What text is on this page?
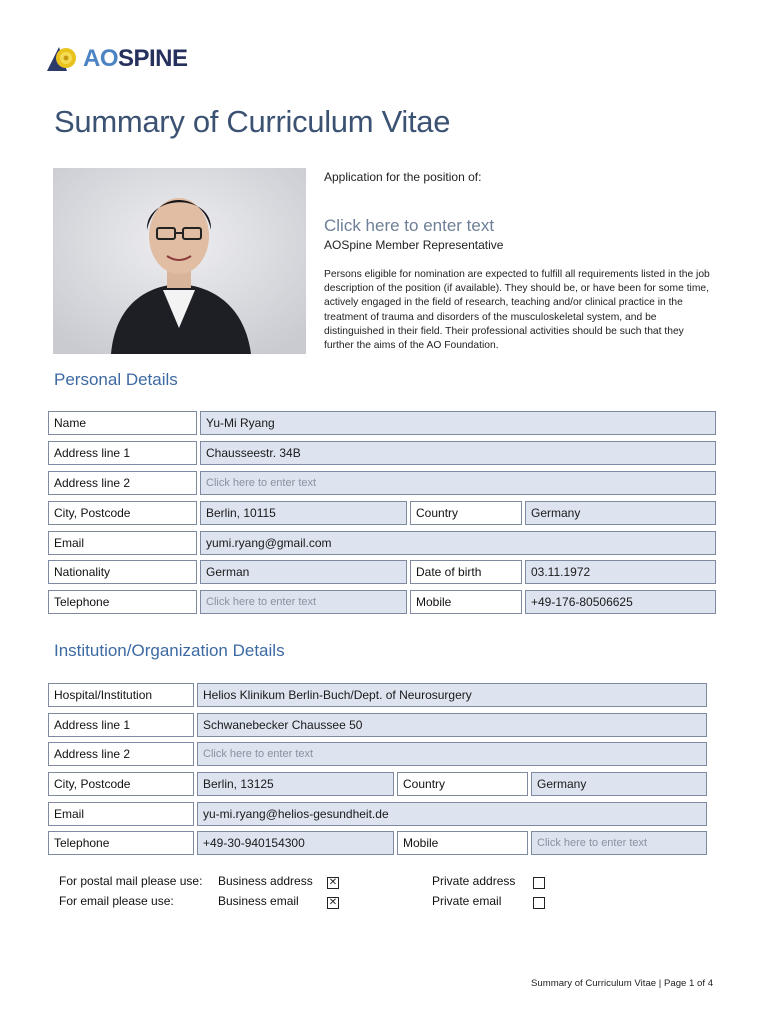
AOSPINE
Summary of Curriculum Vitae
Application for the position of:
Click here to enter text
AOSpine Member Representative
Persons eligible for nomination are expected to fulfill all requirements listed in the job description of the position (if available). They should be, or have been for some time, actively engaged in the field of research, teaching and/or clinical practice in the treatment of trauma and disorders of the musculoskeletal system, and be distinguished in their field. Their professional activities should be such that they further the aims of the AO Foundation.
Personal Details
Name	Yu-Mi Ryang
Address line 1	Chausseestr. 34B
Address line 2	Click here to enter text
City, Postcode	Berlin, 10115	Country	Germany
Email	yumi.ryang@gmail.com
Nationality	German	Date of birth	03.11.1972
Telephone	Click here to enter text	Mobile	+49-176-80506625
Institution/Organization Details
Hospital/Institution	Helios Klinikum Berlin-Buch/Dept. of Neurosurgery
Address line 1	Schwanebecker Chaussee 50
Address line 2	Click here to enter text
City, Postcode	Berlin, 13125	Country	Germany
Email	yu-mi.ryang@helios-gesundheit.de
Telephone	+49-30-940154300	Mobile	Click here to enter text
For postal mail please use: Business address ✕	Private address
For email please use:	Business email	✕	Private email
Summary of Curriculum Vitae | Page 1 of 4
